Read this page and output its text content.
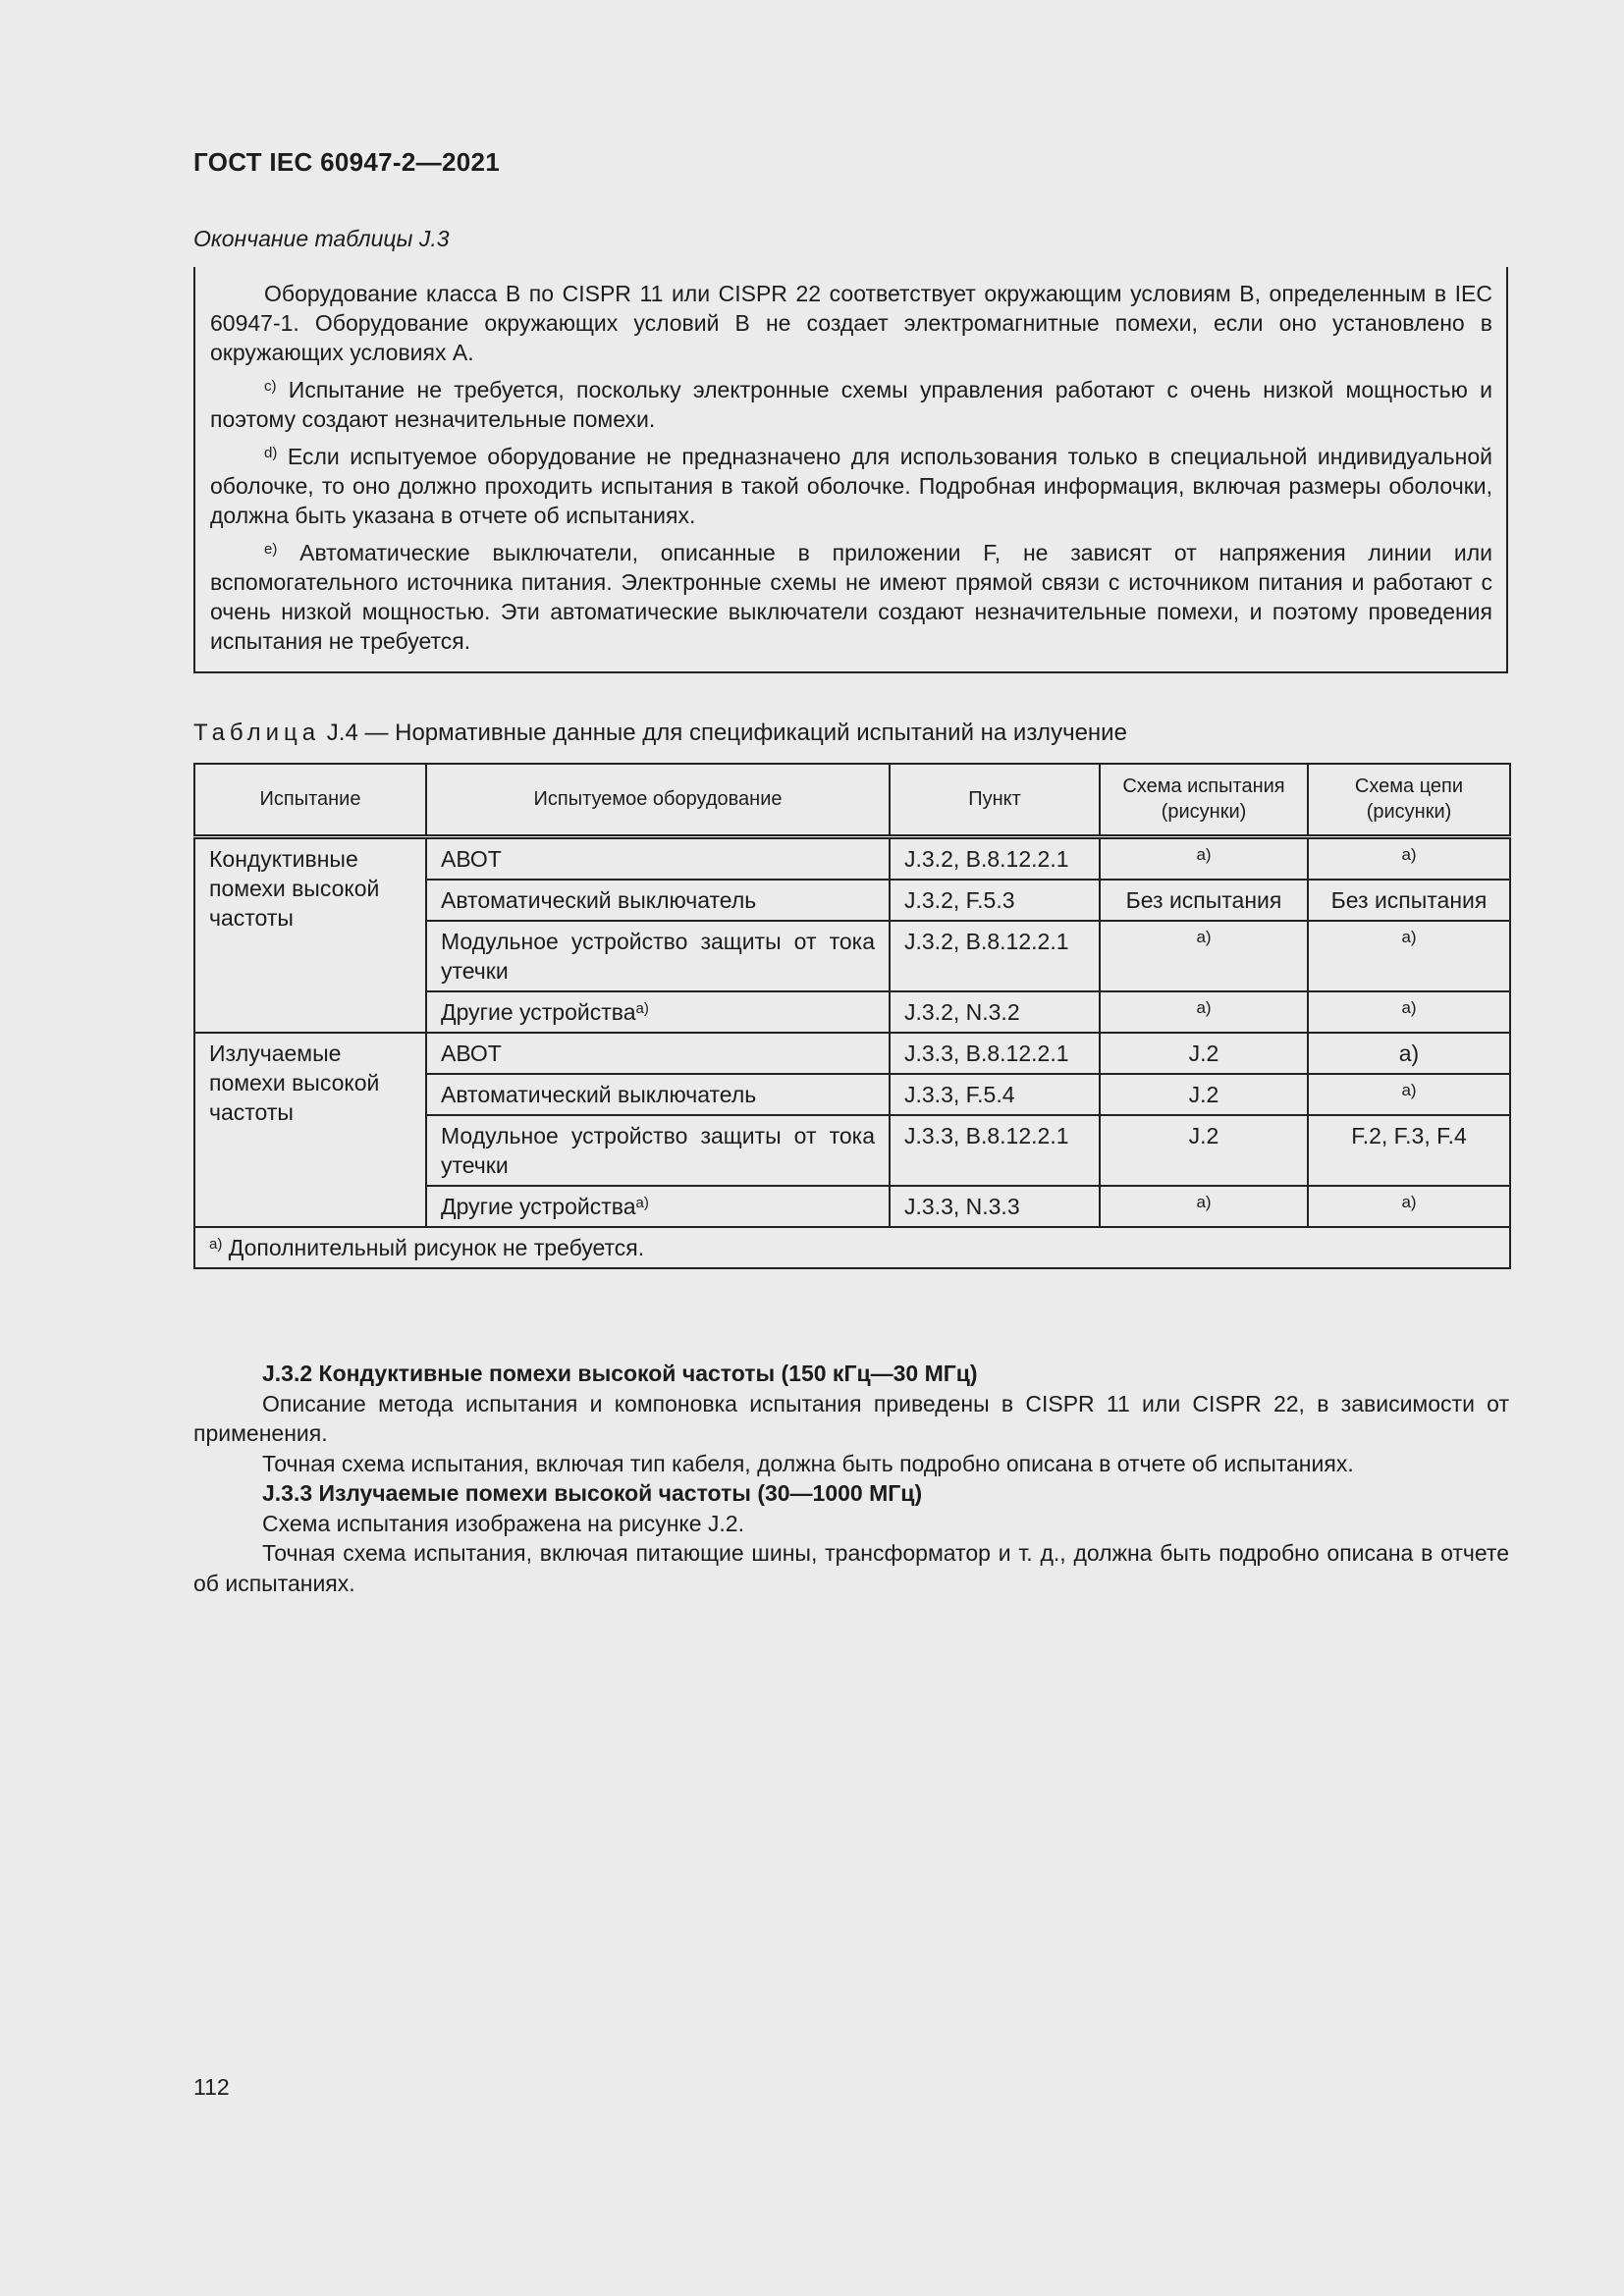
ГОСТ IEC 60947-2—2021
Окончание таблицы J.3

Оборудование класса B по CISPR 11 или CISPR 22 соответствует окружающим условиям B, определенным в IEC 60947-1. Оборудование окружающих условий B не создает электромагнитные помехи, если оно установлено в окружающих условиях А.

$^{c)}$ Испытание не требуется, поскольку электронные схемы управления работают с очень низкой мощностью и поэтому создают незначительные помехи.

$^{d)}$ Если испытуемое оборудование не предназначено для использования только в специальной индивидуальной оболочке, то оно должно проходить испытания в такой оболочке. Подробная информация, включая размеры оболочки, должна быть указана в отчете об испытаниях.

$^{e)}$ Автоматические выключатели, описанные в приложении F, не зависят от напряжения линии или вспомогательного источника питания. Электронные схемы не имеют прямой связи с источником питания и работают с очень низкой мощностью. Эти автоматические выключатели создают незначительные помехи, и поэтому проведения испытания не требуется.

Таблица J.4 — Нормативные данные для спецификаций испытаний на излучение
Испытание	Испытуемое оборудование	Пункт	Схема испытания (рисунки)	Схема цепи (рисунки)
Кондуктивные помехи высокой частоты	АВОТ	J.3.2, B.8.12.2.1	a)	a)
	Автоматический выключатель	J.3.2, F.5.3	Без испытания	Без испытания
	Модульное устройство защиты от тока утечки	J.3.2, B.8.12.2.1	a)	a)
	Другие устройства$^{a)}$	J.3.2, N.3.2	a)	a)
Излучаемые помехи высокой частоты	АВОТ	J.3.3, B.8.12.2.1	J.2	a)
	Автоматический выключатель	J.3.3, F.5.4	J.2	a)
	Модульное устройство защиты от тока утечки	J.3.3, B.8.12.2.1	J.2	F.2, F.3, F.4
	Другие устройства$^{a)}$	J.3.3, N.3.3	a)	a)
$^{a)}$ Дополнительный рисунок не требуется.				

J.3.2 Кондуктивные помехи высокой частоты (150 кГц—30 МГц)

Описание метода испытания и компоновка испытания приведены в CISPR 11 или CISPR 22, в зависимости от применения.

Точная схема испытания, включая тип кабеля, должна быть подробно описана в отчете об испытаниях.

J.3.3 Излучаемые помехи высокой частоты (30—1000 МГц)

Схема испытания изображена на рисунке J.2.

Точная схема испытания, включая питающие шины, трансформатор и т. д., должна быть подробно описана в отчете об испытаниях.

112
